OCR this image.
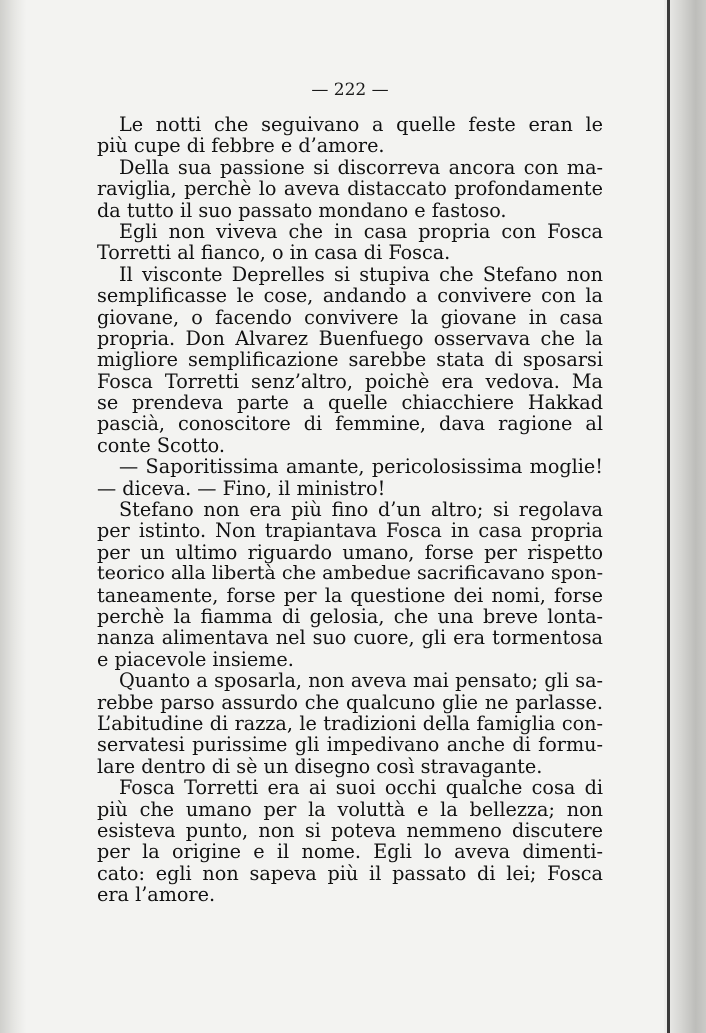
— 222 —

Le notti che seguivano a quelle feste eran le
più cupe di febbre e d’amore.
Della sua passione si discorreva ancora con ma-
raviglia, perchè lo aveva distaccato profondamente
da tutto il suo passato mondano e fastoso.
Egli non viveva che in casa propria con Fosca
Torretti al fianco, o in casa di Fosca.
Il visconte Deprelles si stupiva che Stefano non
semplificasse le cose, andando a convivere con la
giovane, o facendo convivere la giovane in casa
propria. Don Alvarez Buenfuego osservava che la
migliore semplificazione sarebbe stata di sposarsi
Fosca Torretti senz’altro, poichè era vedova. Ma
se prendeva parte a quelle chiacchiere Hakkad
pascià, conoscitore di femmine, dava ragione al
conte Scotto.
— Saporitissima amante, pericolosissima moglie!
— diceva. — Fino, il ministro!
Stefano non era più fino d’un altro; si regolava
per istinto. Non trapiantava Fosca in casa propria
per un ultimo riguardo umano, forse per rispetto
teorico alla libertà che ambedue sacrificavano spon-
taneamente, forse per la questione dei nomi, forse
perchè la fiamma di gelosia, che una breve lonta-
nanza alimentava nel suo cuore, gli era tormentosa
e piacevole insieme.
Quanto a sposarla, non aveva mai pensato; gli sa-
rebbe parso assurdo che qualcuno glie ne parlasse.
L’abitudine di razza, le tradizioni della famiglia con-
servatesi purissime gli impedivano anche di formu-
lare dentro di sè un disegno così stravagante.
Fosca Torretti era ai suoi occhi qualche cosa di
più che umano per la voluttà e la bellezza; non
esisteva punto, non si poteva nemmeno discutere
per la origine e il nome. Egli lo aveva dimenti-
cato: egli non sapeva più il passato di lei; Fosca
era l’amore.
